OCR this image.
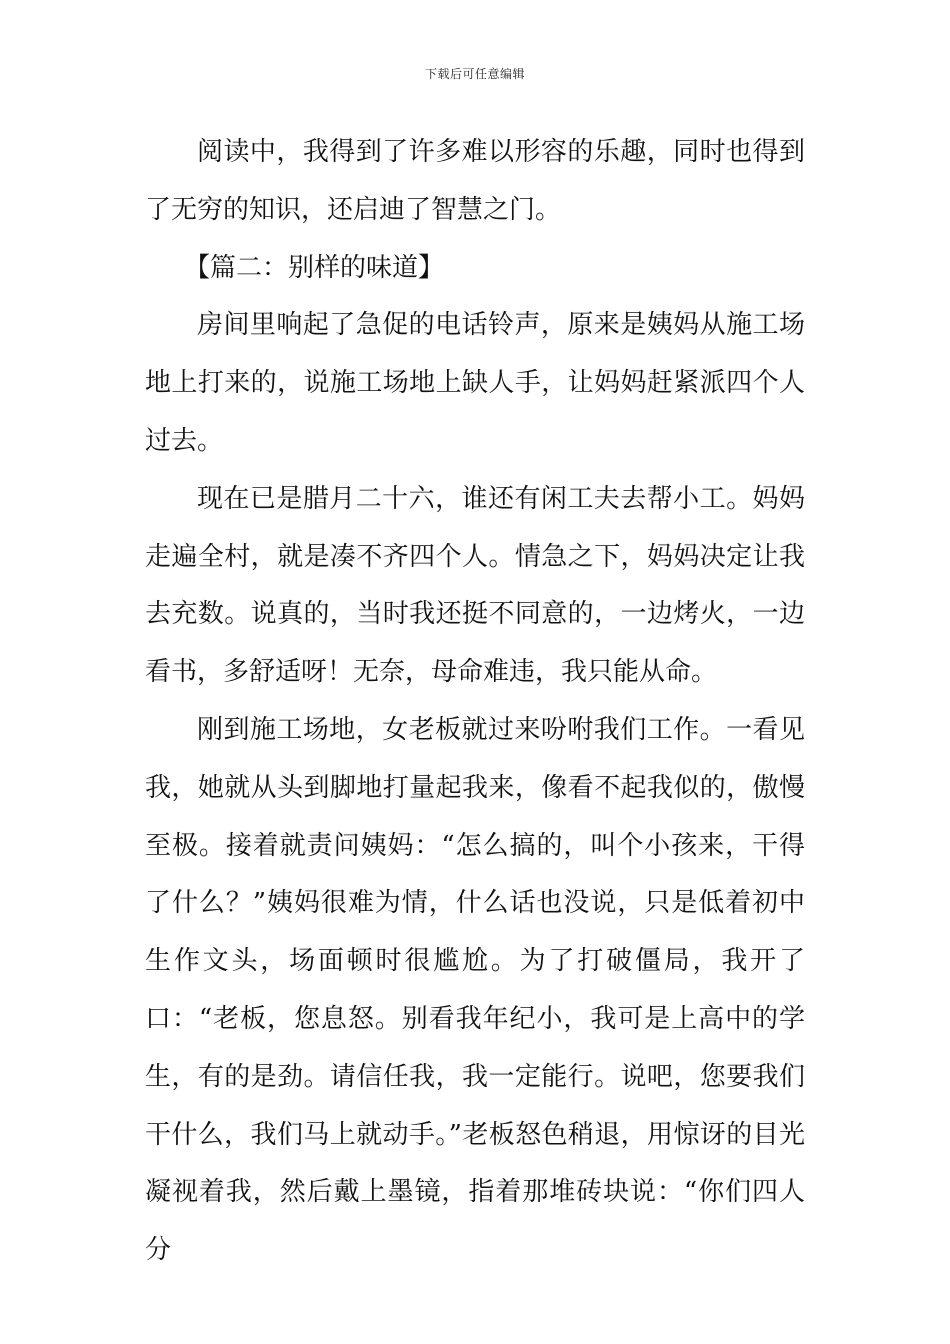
下载后可任意编辑

阅读中，我得到了许多难以形容的乐趣，同时也得到了无穷的知识，还启迪了智慧之门。

【篇二：别样的味道】

房间里响起了急促的电话铃声，原来是姨妈从施工场地上打来的，说施工场地上缺人手，让妈妈赶紧派四个人过去。

现在已是腊月二十六，谁还有闲工夫去帮小工。妈妈走遍全村，就是凑不齐四个人。情急之下，妈妈决定让我去充数。说真的，当时我还挺不同意的，一边烤火，一边看书，多舒适呀！无奈，母命难违，我只能从命。

刚到施工场地，女老板就过来吩咐我们工作。一看见我，她就从头到脚地打量起我来，像看不起我似的，傲慢至极。接着就责问姨妈：“怎么搞的，叫个小孩来，干得了什么？”姨妈很难为情，什么话也没说，只是低着初中生作文头，场面顿时很尴尬。为了打破僵局，我开了口：“老板，您息怒。别看我年纪小，我可是上高中的学生，有的是劲。请信任我，我一定能行。说吧，您要我们干什么，我们马上就动手。”老板怒色稍退，用惊讶的目光凝视着我，然后戴上墨镜，指着那堆砖块说：“你们四人分
